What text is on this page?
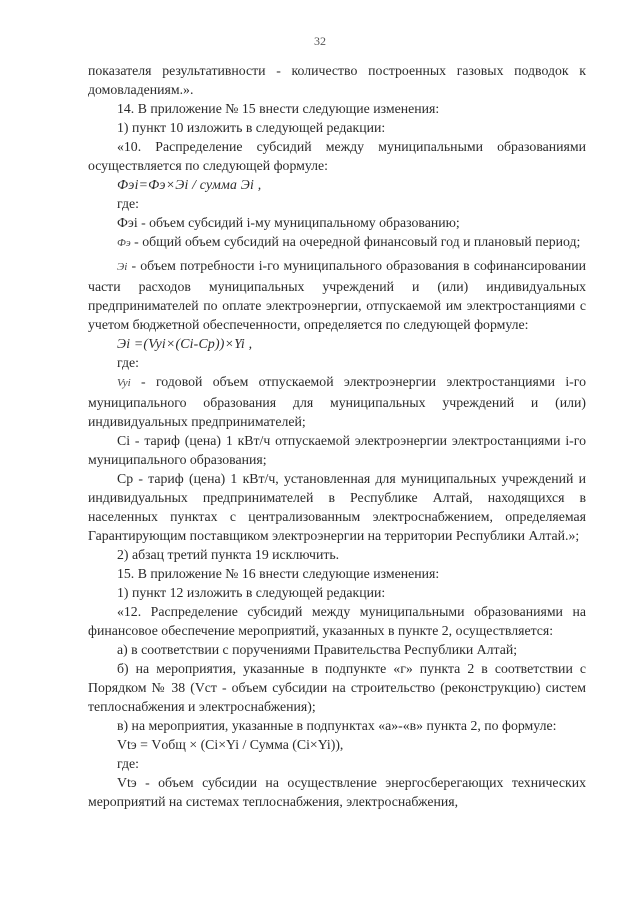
32

показателя результативности - количество построенных газовых подводок к домовладениям.».

14. В приложение № 15 внести следующие изменения:

1) пункт 10 изложить в следующей редакции:

«10. Распределение субсидий между муниципальными образованиями осуществляется по следующей формуле:

Фэi=Фэ×Эi / сумма Эi ,

где:

Фэi - объем субсидий i-му муниципальному образованию;

Фэ - общий объем субсидий на очередной финансовый год и плановый период;

Эi - объем потребности i-го муниципального образования в софинансировании части расходов муниципальных учреждений и (или) индивидуальных предпринимателей по оплате электроэнергии, отпускаемой им электростанциями с учетом бюджетной обеспеченности, определяется по следующей формуле:

Эi =(Vyi×(Ci-Cp))×Yi ,

где:

Vyi - годовой объем отпускаемой электроэнергии электростанциями i-го муниципального образования для муниципальных учреждений и (или) индивидуальных предпринимателей;

Ci - тариф (цена) 1 кВт/ч отпускаемой электроэнергии электростанциями i-го муниципального образования;

Cp - тариф (цена) 1 кВт/ч, установленная для муниципальных учреждений и индивидуальных предпринимателей в Республике Алтай, находящихся в населенных пунктах с централизованным электроснабжением, определяемая Гарантирующим поставщиком электроэнергии на территории Республики Алтай.»;

2) абзац третий пункта 19 исключить.

15. В приложение № 16 внести следующие изменения:

1) пункт 12 изложить в следующей редакции:

«12. Распределение субсидий между муниципальными образованиями на финансовое обеспечение мероприятий, указанных в пункте 2, осуществляется:

а) в соответствии с поручениями Правительства Республики Алтай;

б) на мероприятия, указанные в подпункте «г» пункта 2 в соответствии с Порядком № 38 (Vст - объем субсидии на строительство (реконструкцию) систем теплоснабжения и электроснабжения);

в) на мероприятия, указанные в подпунктах «а»-«в» пункта 2, по формуле:

Vtэ = Vобщ × (Ci×Yi / Сумма (Ci×Yi)),

где:

Vtэ - объем субсидии на осуществление энергосберегающих технических мероприятий на системах теплоснабжения, электроснабжения,
